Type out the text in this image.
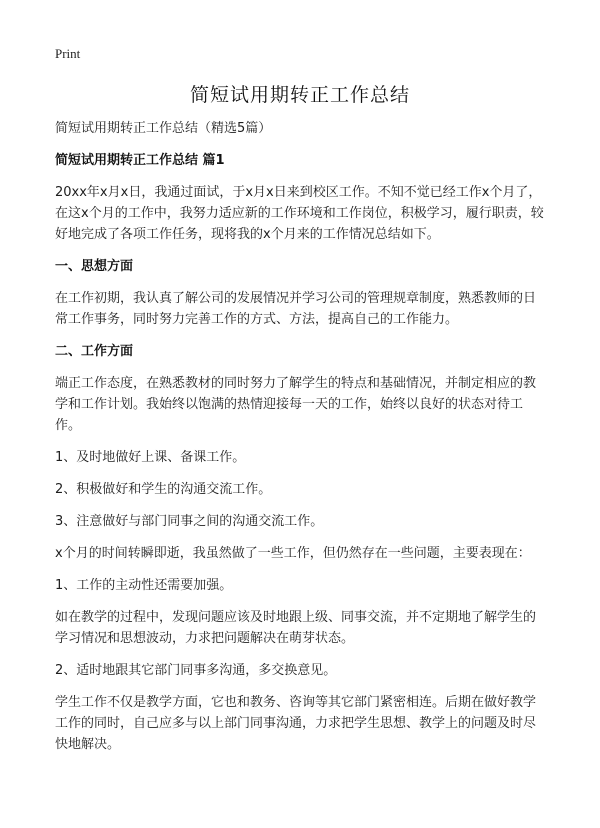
Print
简短试用期转正工作总结

简短试用期转正工作总结（精选5篇）

简短试用期转正工作总结 篇1

20xx年x月x日，我通过面试，于x月x日来到校区工作。不知不觉已经工作x个月了，在这x个月的工作中，我努力适应新的工作环境和工作岗位，积极学习，履行职责，较好地完成了各项工作任务，现将我的x个月来的工作情况总结如下。

一、思想方面

在工作初期，我认真了解公司的发展情况并学习公司的管理规章制度，熟悉教师的日常工作事务，同时努力完善工作的方式、方法，提高自己的工作能力。

二、工作方面

端正工作态度，在熟悉教材的同时努力了解学生的特点和基础情况，并制定相应的教学和工作计划。我始终以饱满的热情迎接每一天的工作，始终以良好的状态对待工作。

1、及时地做好上课、备课工作。

2、积极做好和学生的沟通交流工作。

3、注意做好与部门同事之间的沟通交流工作。

x个月的时间转瞬即逝，我虽然做了一些工作，但仍然存在一些问题，主要表现在：

1、工作的主动性还需要加强。

如在教学的过程中，发现问题应该及时地跟上级、同事交流，并不定期地了解学生的学习情况和思想波动，力求把问题解决在萌芽状态。

2、适时地跟其它部门同事多沟通，多交换意见。

学生工作不仅是教学方面，它也和教务、咨询等其它部门紧密相连。后期在做好教学工作的同时，自己应多与以上部门同事沟通，力求把学生思想、教学上的问题及时尽快地解决。
